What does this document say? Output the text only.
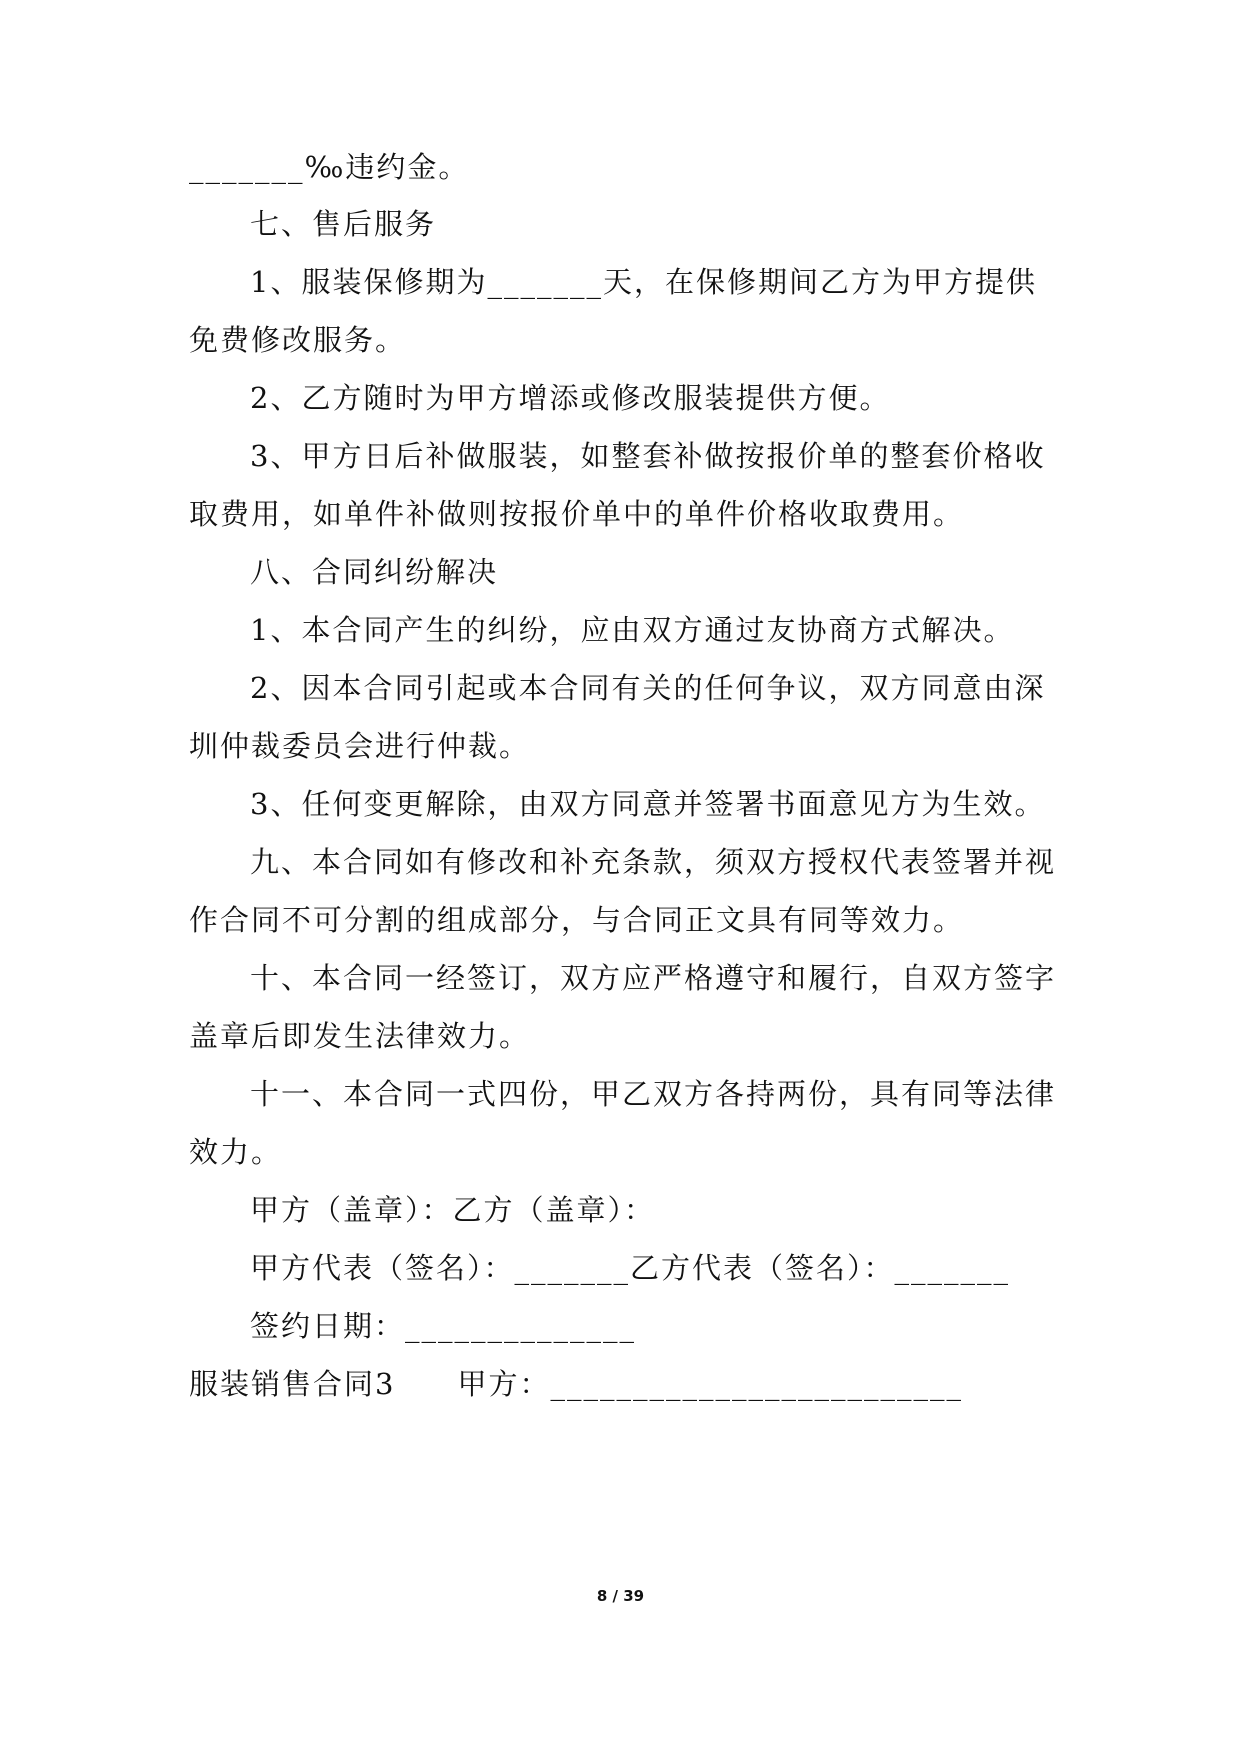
_______‰违约金。
七、售后服务
1、服装保修期为_______天，在保修期间乙方为甲方提供
免费修改服务。
2、乙方随时为甲方增添或修改服装提供方便。
3、甲方日后补做服装，如整套补做按报价单的整套价格收
取费用，如单件补做则按报价单中的单件价格收取费用。
八、合同纠纷解决
1、本合同产生的纠纷，应由双方通过友协商方式解决。
2、因本合同引起或本合同有关的任何争议，双方同意由深
圳仲裁委员会进行仲裁。
3、任何变更解除，由双方同意并签署书面意见方为生效。
九、本合同如有修改和补充条款，须双方授权代表签署并视
作合同不可分割的组成部分，与合同正文具有同等效力。
十、本合同一经签订，双方应严格遵守和履行，自双方签字
盖章后即发生法律效力。
十一、本合同一式四份，甲乙双方各持两份，具有同等法律
效力。
甲方（盖章）：乙方（盖章）：
甲方代表（签名）：_______乙方代表（签名）：_______
签约日期：______________
服装销售合同3　　甲方：_________________________
8 / 39
